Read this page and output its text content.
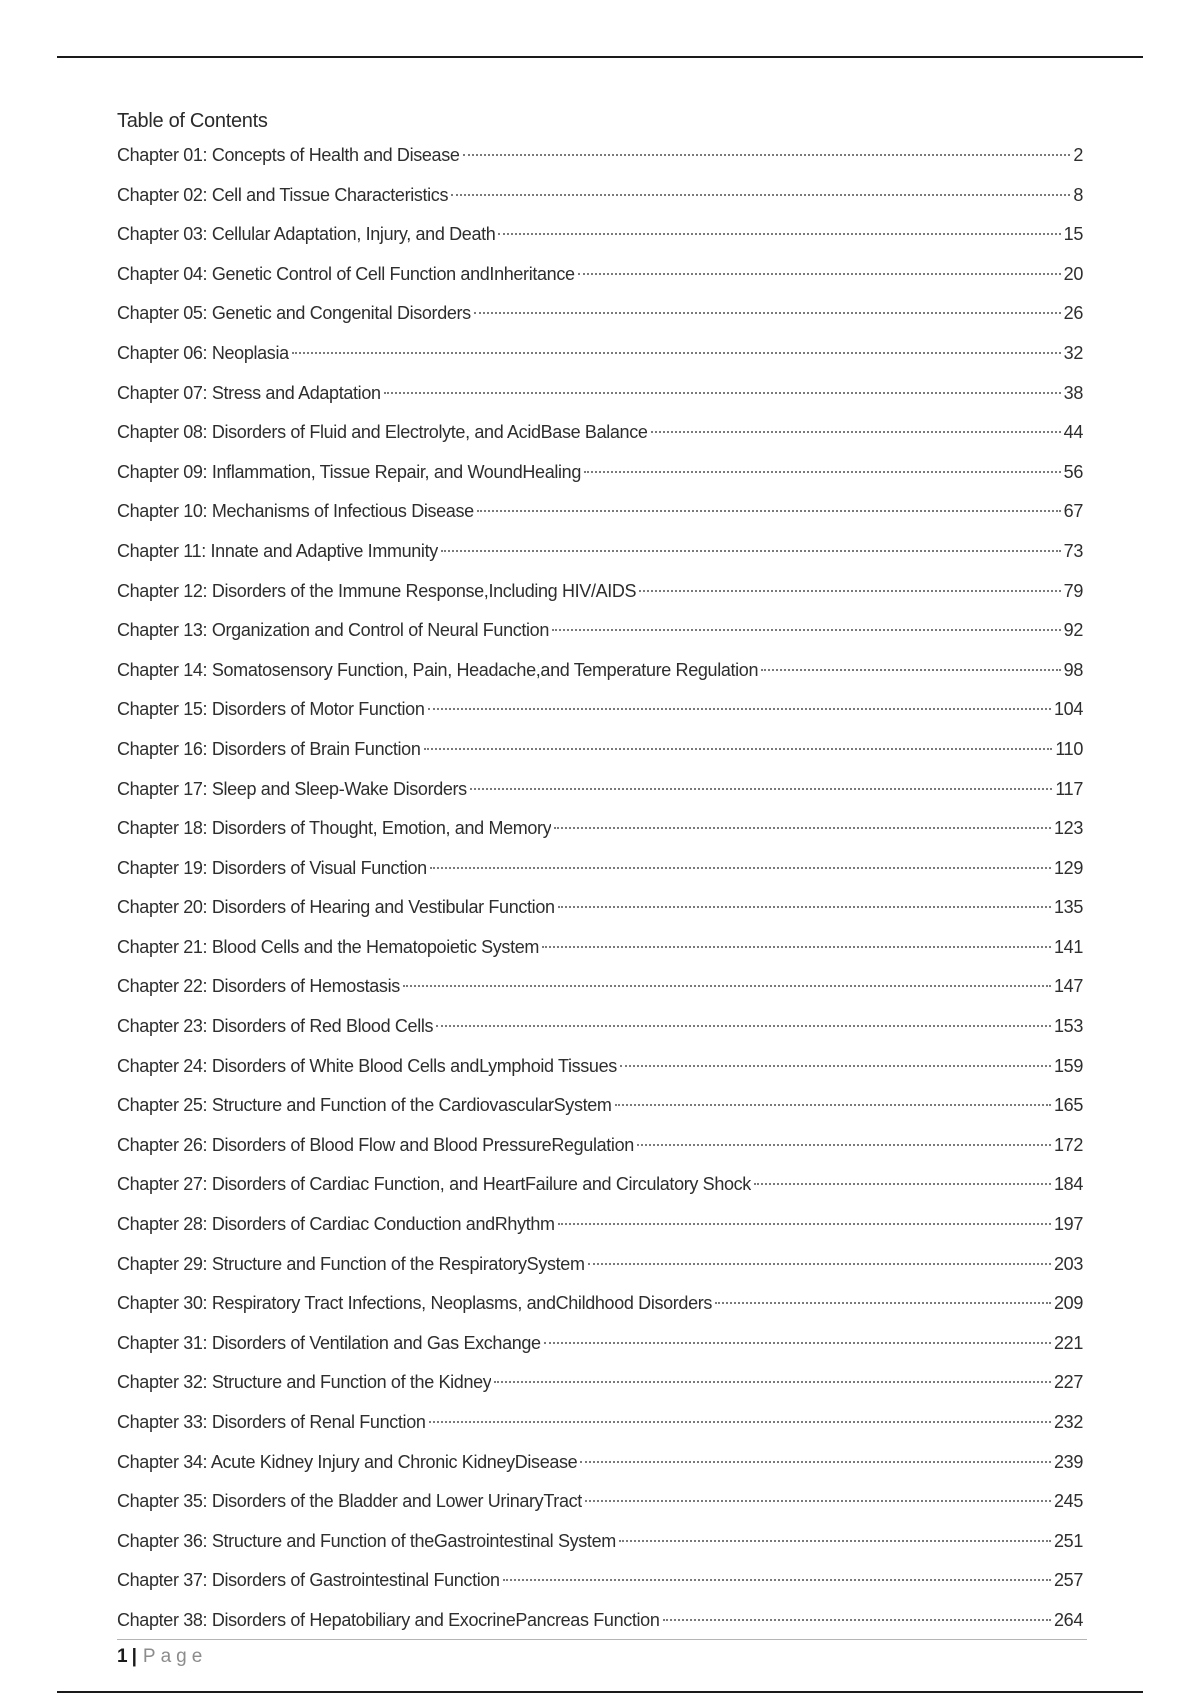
Table of Contents
Chapter 01: Concepts of Health and Disease	2
Chapter 02: Cell and Tissue Characteristics	8
Chapter 03: Cellular Adaptation, Injury, and Death	15
Chapter 04: Genetic Control of Cell Function andInheritance	20
Chapter 05: Genetic and Congenital Disorders	26
Chapter 06: Neoplasia	32
Chapter 07: Stress and Adaptation	38
Chapter 08: Disorders of Fluid and Electrolyte, and AcidBase Balance	44
Chapter 09: Inflammation, Tissue Repair, and WoundHealing	56
Chapter 10: Mechanisms of Infectious Disease	67
Chapter 11: Innate and Adaptive Immunity	73
Chapter 12: Disorders of the Immune Response,Including HIV/AIDS	79
Chapter 13: Organization and Control of Neural Function	92
Chapter 14: Somatosensory Function, Pain, Headache,and Temperature Regulation	98
Chapter 15: Disorders of Motor Function	104
Chapter 16: Disorders of Brain Function	110
Chapter 17: Sleep and Sleep-Wake Disorders	117
Chapter 18: Disorders of Thought, Emotion, and Memory	123
Chapter 19: Disorders of Visual Function	129
Chapter 20: Disorders of Hearing and Vestibular Function	135
Chapter 21: Blood Cells and the Hematopoietic System	141
Chapter 22: Disorders of Hemostasis	147
Chapter 23: Disorders of Red Blood Cells	153
Chapter 24: Disorders of White Blood Cells andLymphoid Tissues	159
Chapter 25: Structure and Function of the CardiovascularSystem	165
Chapter 26: Disorders of Blood Flow and Blood PressureRegulation	172
Chapter 27: Disorders of Cardiac Function, and HeartFailure and Circulatory Shock	184
Chapter 28: Disorders of Cardiac Conduction andRhythm	197
Chapter 29: Structure and Function of the RespiratorySystem	203
Chapter 30: Respiratory Tract Infections, Neoplasms, andChildhood Disorders	209
Chapter 31: Disorders of Ventilation and Gas Exchange	221
Chapter 32: Structure and Function of the Kidney	227
Chapter 33: Disorders of Renal Function	232
Chapter 34: Acute Kidney Injury and Chronic KidneyDisease	239
Chapter 35: Disorders of the Bladder and Lower UrinaryTract	245
Chapter 36: Structure and Function of theGastrointestinal System	251
Chapter 37: Disorders of Gastrointestinal Function	257
Chapter 38: Disorders of Hepatobiliary and ExocrinePancreas Function	264
1 | Page
